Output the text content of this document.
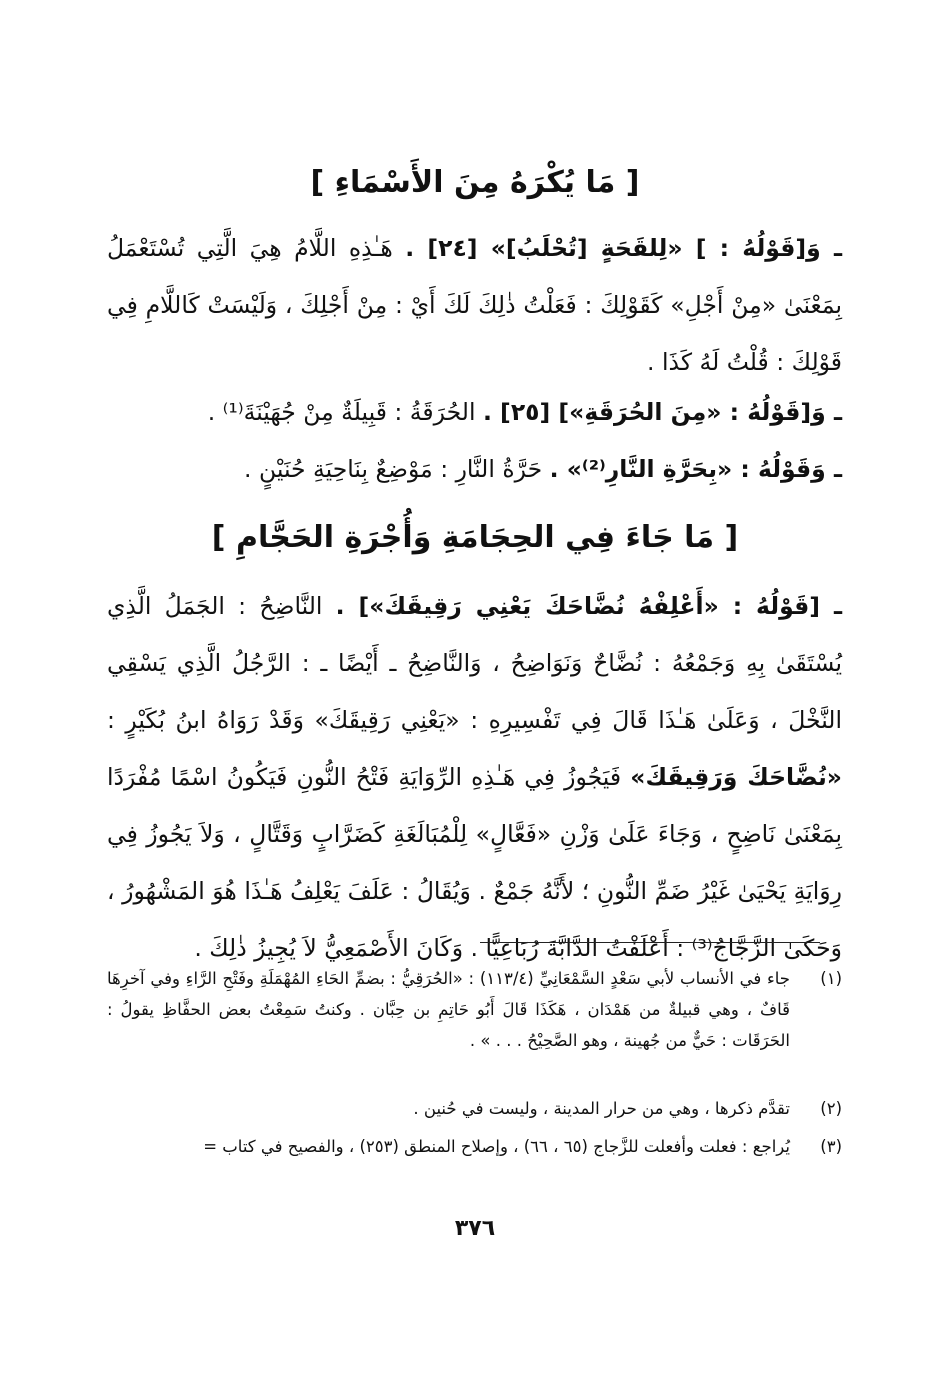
[ مَا يُكْرَهُ مِنَ الأَسْمَاءِ ]

ـ وَ[قَوْلُهُ : ] «لِلقَحَةٍ [تُحْلَبُ]» [٢٤] . هَـٰذِهِ اللَّامُ هِيَ الَّتِي تُسْتَعْمَلُ بِمَعْنَىٰ «مِنْ أَجْلِ» كَقَوْلِكَ : فَعَلْتُ ذٰلِكَ لَكَ أَيْ : مِنْ أَجْلِكَ ، وَلَيْسَتْ كَاللَّامِ فِي قَوْلِكَ : قُلْتُ لَهُ كَذَا .

ـ وَ[قَوْلُهُ : «مِنَ الحُرَقَةِ»] [٢٥] . الحُرَقَةُ : قَبِيلَةٌ مِنْ جُهَيْنَةَ⁽¹⁾ .

ـ وَقَوْلُهُ : «بِحَرَّةِ النَّارِ⁽²⁾» . حَرَّةُ النَّارِ : مَوْضِعٌ بِنَاحِيَةِ حُنَيْنٍ .

[ مَا جَاءَ فِي الحِجَامَةِ وَأُجْرَةِ الحَجَّامِ ]

ـ [قَوْلُهُ : «أَعْلِفْهُ نُضَّاحَكَ يَعْنِي رَقِيقَكَ»] . النَّاضِحُ : الجَمَلُ الَّذِي يُسْتَقَىٰ بِهِ وَجَمْعُهُ : نُضَّاحٌ وَنَوَاضِحُ ، وَالنَّاضِحُ ـ أَيْضًا ـ : الرَّجُلُ الَّذِي يَسْقِي النَّخْلَ ، وَعَلَىٰ هَـٰذَا قَالَ فِي تَفْسِيرِهِ : «يَعْنِي رَقِيقَكَ» وَقَدْ رَوَاهُ ابنُ بُكَيْرٍ : «نُضَّاحَكَ وَرَقِيقَكَ» فَيَجُوزُ فِي هَـٰذِهِ الرِّوَايَةِ فَتْحُ النُّونِ فَيَكُونُ اسْمًا مُفْرَدًا بِمَعْنَىٰ نَاضِحٍ ، وَجَاءَ عَلَىٰ وَزْنِ «فَعَّالٍ» لِلْمُبَالَغَةِ كَضَرَّابٍ وَقَتَّالٍ ، وَلاَ يَجُوزُ فِي رِوَايَةِ يَحْيَىٰ غَيْرُ ضَمِّ النُّونِ ؛ لأَنَّهُ جَمْعٌ . وَيُقَالُ : عَلَفَ يَعْلِفُ هَـٰذَا هُوَ المَشْهُورُ ، وَحَكَىٰ الزَّجَّاجُ⁽³⁾ : أَعْلَفْتُ الدَّابَّةَ رُبَاعِيًّا . وَكَانَ الأَصْمَعِيُّ لاَ يُجِيزُ ذٰلِكَ .

(١)
جاء في الأنساب لأبي سَعْدٍ السَّمْعَانِيِّ (١١٣/٤) : «الحُرَقِيُّ : بضمِّ الحَاءِ المُهْمَلَةِ وفَتْحِ الرَّاءِ وفي آخرِهَا قَافٌ ، وهي قبيلةٌ من هَمْدَان ، هَكَذَا قَالَ أَبُو حَاتِمِ بن حِبَّان . وكنتُ سَمِعْتُ بعض الحفَّاظِ يقولُ : الحَرَقَات : حَيٌّ من جُهينة ، وهو الصَّحِيْحُ . . . » .
(٢)
تقدَّم ذكرها ، وهي من حرار المدينة ، وليست في حُنين .
(٣)
يُراجع : فعلت وأفعلت للزَّجاج (٦٥ ، ٦٦) ، وإصلاح المنطق (٢٥٣) ، والفصيح في كتاب =
٣٧٦
